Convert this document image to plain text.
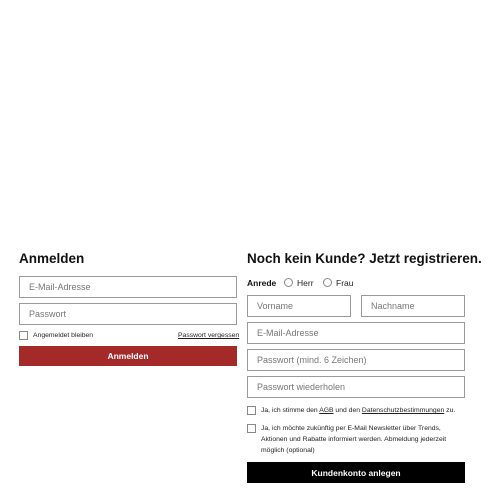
Anmelden
E-Mail-Adresse
Angemeldet bleiben	Passwort vergessen
Anmelden
Noch kein Kunde? Jetzt registrieren.
Anrede Herr	Frau
Vorname
Nachname
E-Mail-Adresse
Ja, ich stimme den AGB und den Datenschutzbestimmungen zu.
Ja, ich möchte zukünftig per E-Mail Newsletter über Trends, Aktionen und Rabatte informiert werden. Abmeldung jederzeit möglich (optional)
Kundenkonto anlegen
